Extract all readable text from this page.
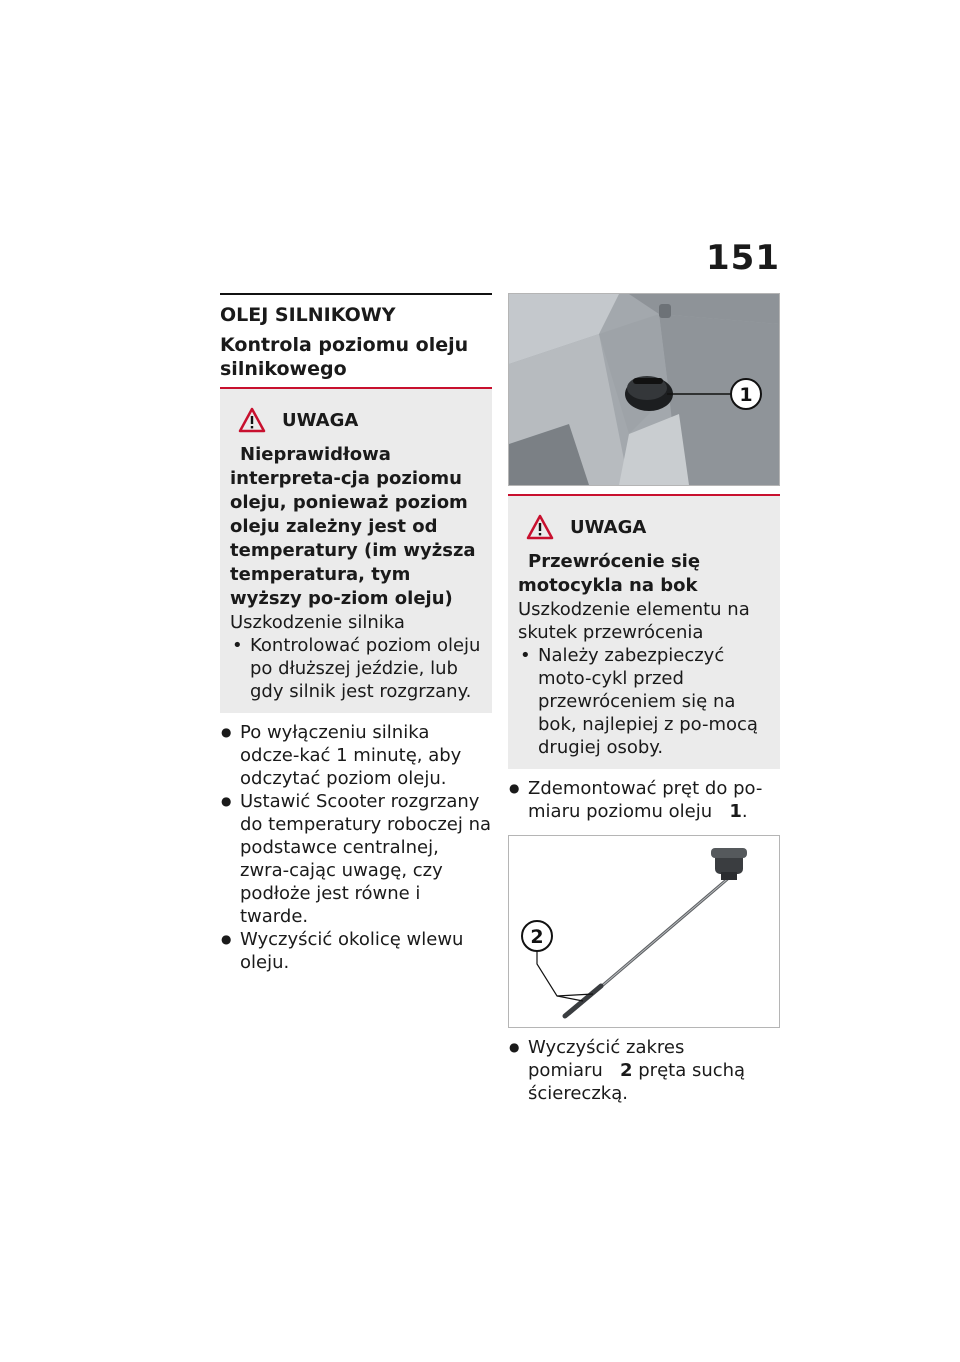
151
OLEJ SILNIKOWY
Kontrola poziomu oleju silnikowego
UWAGA

Nieprawidłowa interpreta-cja poziomu oleju, ponieważ poziom oleju zależny jest od temperatury (im wyższa temperatura, tym wyższy po-ziom oleju)

Uszkodzenie silnika

• Kontrolować poziom oleju po dłuższej jeździe, lub gdy silnik jest rozgrzany.

● Po wyłączeniu silnika odcze-kać 1 minutę, aby odczytać poziom oleju.
● Ustawić Scooter rozgrzany do temperatury roboczej na podstawce centralnej, zwra-cając uwagę, czy podłoże jest równe i twarde.
● Wyczyścić okolicę wlewu oleju.
1
UWAGA

Przewrócenie się motocykla na bok

Uszkodzenie elementu na skutek przewrócenia

• Należy zabezpieczyć moto-cykl przed przewróceniem się na bok, najlepiej z po-mocą drugiej osoby.

● Zdemontować pręt do po-miaru poziomu oleju 1.
2
● Wyczyścić zakres pomiaru 2 pręta suchą ściereczką.
